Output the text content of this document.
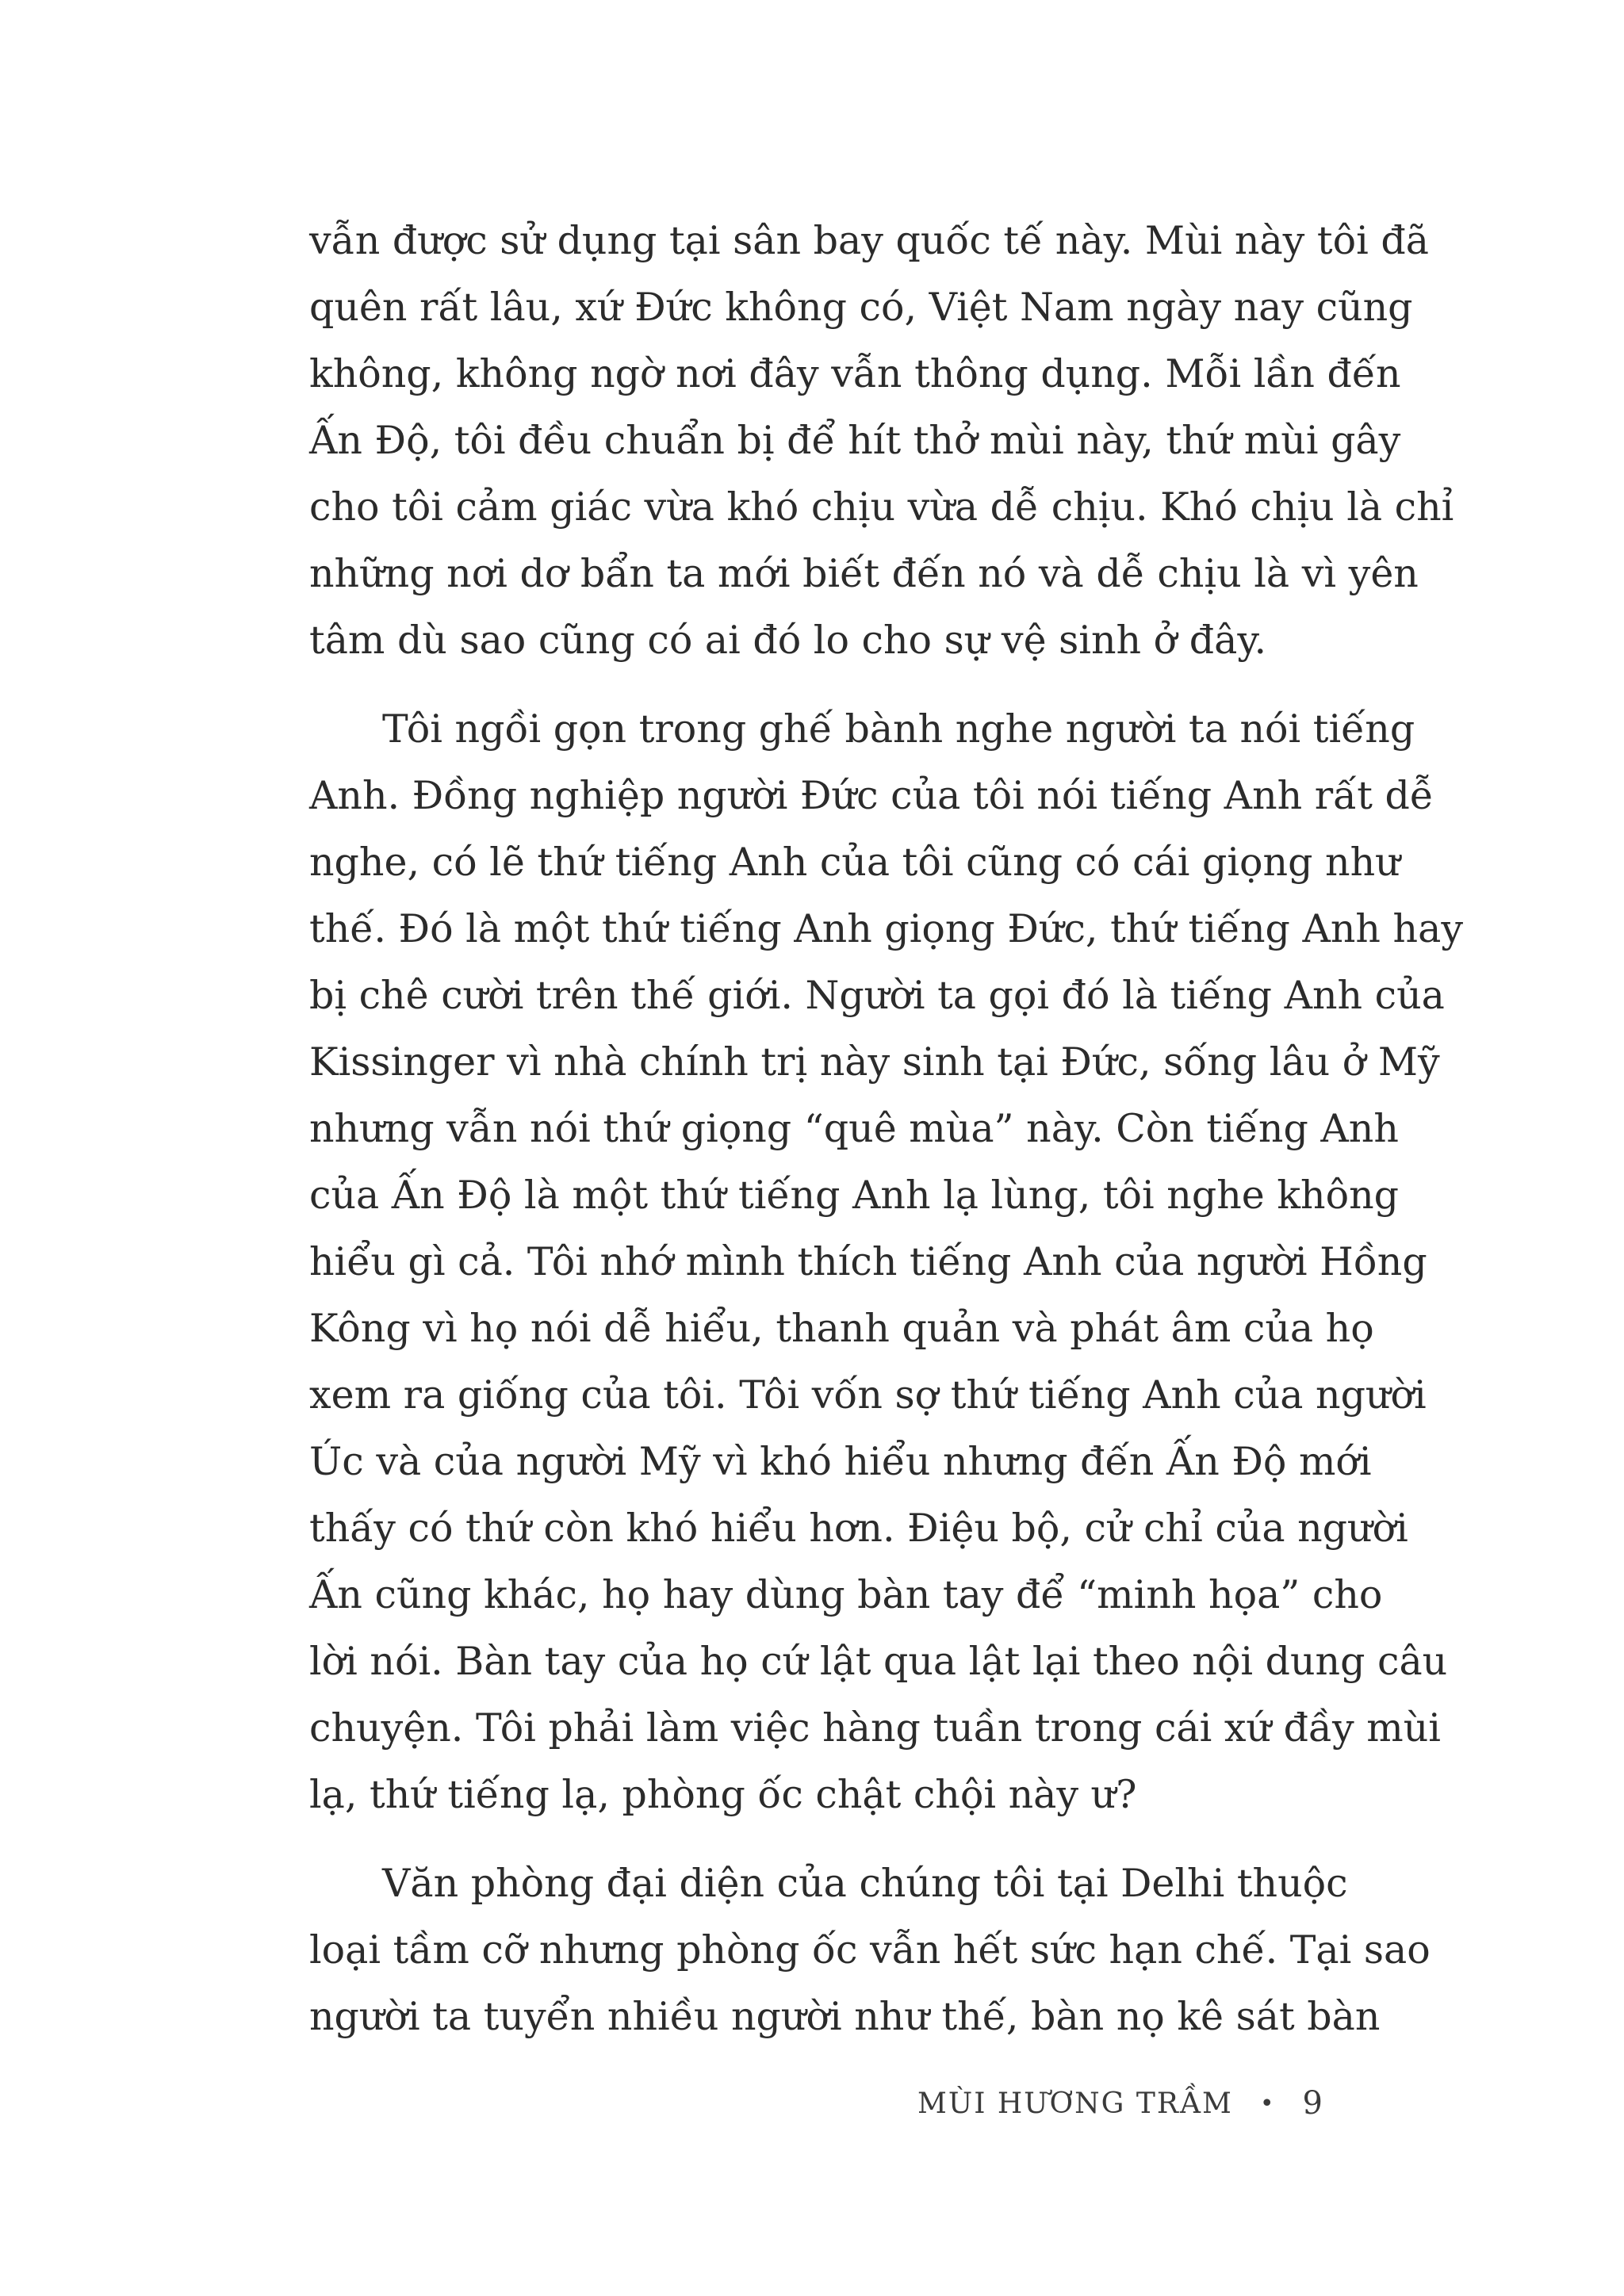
vẫn được sử dụng tại sân bay quốc tế này. Mùi này tôi đã
quên rất lâu, xứ Đức không có, Việt Nam ngày nay cũng
không, không ngờ nơi đây vẫn thông dụng. Mỗi lần đến
Ấn Độ, tôi đều chuẩn bị để hít thở mùi này, thứ mùi gây
cho tôi cảm giác vừa khó chịu vừa dễ chịu. Khó chịu là chỉ
những nơi dơ bẩn ta mới biết đến nó và dễ chịu là vì yên
tâm dù sao cũng có ai đó lo cho sự vệ sinh ở đây.

Tôi ngồi gọn trong ghế bành nghe người ta nói tiếng
Anh. Đồng nghiệp người Đức của tôi nói tiếng Anh rất dễ
nghe, có lẽ thứ tiếng Anh của tôi cũng có cái giọng như
thế. Đó là một thứ tiếng Anh giọng Đức, thứ tiếng Anh hay
bị chê cười trên thế giới. Người ta gọi đó là tiếng Anh của
Kissinger vì nhà chính trị này sinh tại Đức, sống lâu ở Mỹ
nhưng vẫn nói thứ giọng “quê mùa” này. Còn tiếng Anh
của Ấn Độ là một thứ tiếng Anh lạ lùng, tôi nghe không
hiểu gì cả. Tôi nhớ mình thích tiếng Anh của người Hồng
Kông vì họ nói dễ hiểu, thanh quản và phát âm của họ
xem ra giống của tôi. Tôi vốn sợ thứ tiếng Anh của người
Úc và của người Mỹ vì khó hiểu nhưng đến Ấn Độ mới
thấy có thứ còn khó hiểu hơn. Điệu bộ, cử chỉ của người
Ấn cũng khác, họ hay dùng bàn tay để “minh họa” cho
lời nói. Bàn tay của họ cứ lật qua lật lại theo nội dung câu
chuyện. Tôi phải làm việc hàng tuần trong cái xứ đầy mùi
lạ, thứ tiếng lạ, phòng ốc chật chội này ư?

Văn phòng đại diện của chúng tôi tại Delhi thuộc
loại tầm cỡ nhưng phòng ốc vẫn hết sức hạn chế. Tại sao
người ta tuyển nhiều người như thế, bàn nọ kê sát bàn

MÙI HƯƠNG TRẦM • 9
